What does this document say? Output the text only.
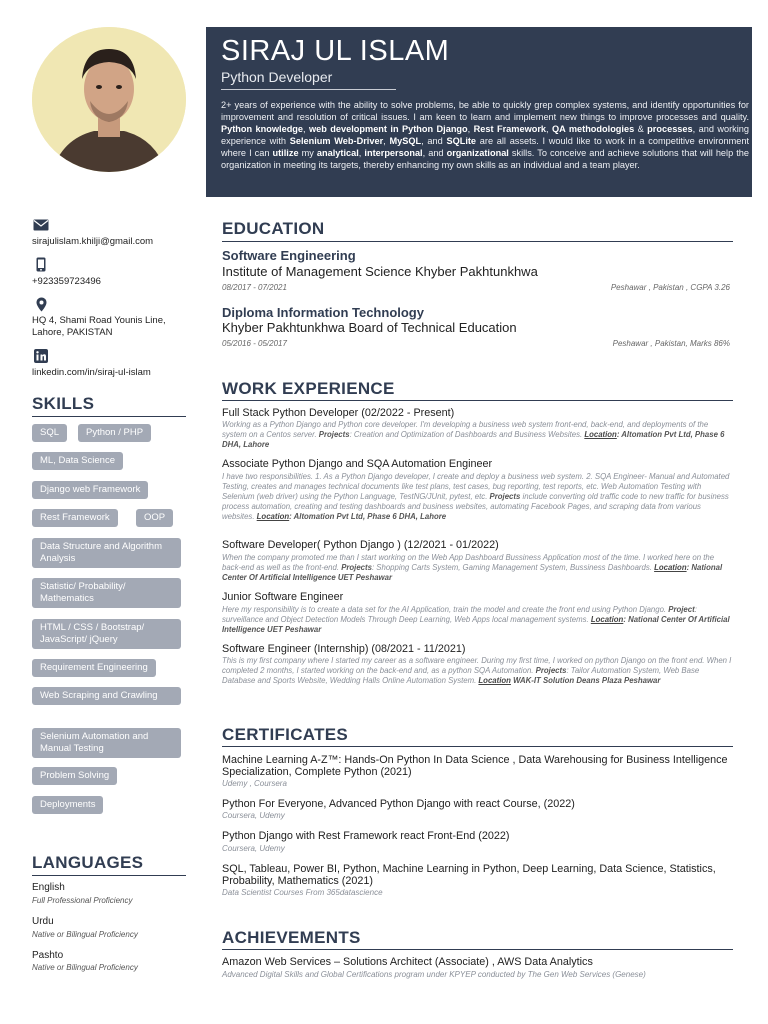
SIRAJ UL ISLAM
Python Developer
2+ years of experience with the ability to solve problems, be able to quickly grep complex systems, and identify opportunities for improvement and resolution of critical issues. I am keen to learn and implement new things to improve processes and quality. Python knowledge, web development in Python Django, Rest Framework, QA methodologies & processes, and working experience with Selenium Web-Driver, MySQL, and SQLite are all assets. I would like to work in a competitive environment where I can utilize my analytical, interpersonal, and organizational skills. To conceive and achieve solutions that will help the organization in meeting its targets, thereby enhancing my own skills as an individual and a team player.
sirajulislam.khilji@gmail.com
+923359723496
HQ 4, Shami Road Younis Line,
Lahore, PAKISTAN
linkedin.com/in/siraj-ul-islam
SKILLS
SQL	Python / PHP
ML, Data Science
Django web Framework
Rest Framework	OOP
Data Structure and Algorithm Analysis
Statistic/ Probability/ Mathematics
HTML / CSS / Bootstrap/ JavaScript/ jQuery
Requirement Engineering
Web Scraping and Crawling
Selenium Automation and Manual Testing
Problem Solving
Deployments
LANGUAGES
English
Full Professional Proficiency
Urdu
Native or Bilingual Proficiency
Pashto
Native or Bilingual Proficiency
EDUCATION
Software Engineering
Institute of Management Science Khyber Pakhtunkhwa
08/2017 - 07/2021	Peshawar , Pakistan , CGPA 3.26
Diploma Information Technology
Khyber Pakhtunkhwa Board of Technical Education
05/2016 - 05/2017	Peshawar , Pakistan, Marks 86%
WORK EXPERIENCE
Full Stack Python Developer (02/2022 - Present)
Working as a Python Django and Python core developer. I'm developing a business web system front-end, back-end, and deployments of the system on a Centos server. Projects: Creation and Optimization of Dashboards and Business Websites. Location: Altomation Pvt Ltd, Phase 6 DHA, Lahore
Associate Python Django and SQA Automation Engineer
I have two responsibilities. 1. As a Python Django developer, I create and deploy a business web system. 2. SQA Engineer- Manual and Automated Testing, creates and manages technical documents like test plans, test cases, bug reporting, test reports, etc. Web Automation Testing with Selenium (web driver) using the Python Language, TestNG/JUnit, pytest, etc. Projects include converting old traffic code to new traffic for business process automation, creating and testing dashboards and business websites, automating Facebook Pages, and scraping data from various websites. Location: Altomation Pvt Ltd, Phase 6 DHA, Lahore
Software Developer( Python Django ) (12/2021 - 01/2022)
When the company promoted me than I start working on the Web App Dashboard Bussiness Application most of the time. I worked here on the back-end as well as the front-end. Projects: Shopping Carts System, Gaming Management System, Bussiness Dashboards. Location: National Center Of Artificial Intelligence UET Peshawar
Junior Software Engineer
Here my responsibility is to create a data set for the AI Application, train the model and create the front end using Python Django. Project: surveillance and Object Detection Models Through Deep Learning, Web Apps local management systems. Location: National Center Of Artificial Intelligence UET Peshawar
Software Engineer (Internship) (08/2021 - 11/2021)
This is my first company where I started my career as a software engineer. During my first time, I worked on python Django on the front end. When I completed 2 months, I started working on the back-end and, as a python SQA Automation. Projects: Tailor Automation System, Web Base Database and Sports Website, Wedding Halls Online Automation System. Location WAK-IT Solution Deans Plaza Peshawar
CERTIFICATES
Machine Learning A-Z™: Hands-On Python In Data Science , Data Warehousing for Business Intelligence Specialization, Complete Python (2021)
Udemy , Coursera
Python For Everyone, Advanced Python Django with react Course, (2022)
Coursera, Udemy
Python Django with Rest Framework react Front-End (2022)
Coursera, Udemy
SQL, Tableau, Power BI, Python, Machine Learning in Python, Deep Learning, Data Science, Statistics, Probability, Mathematics (2021)
Data Scientist Courses From 365datascience
ACHIEVEMENTS
Amazon Web Services – Solutions Architect (Associate) , AWS Data Analytics
Advanced Digital Skills and Global Certifications program under KPYEP conducted by The Gen Web Services (Genese)
